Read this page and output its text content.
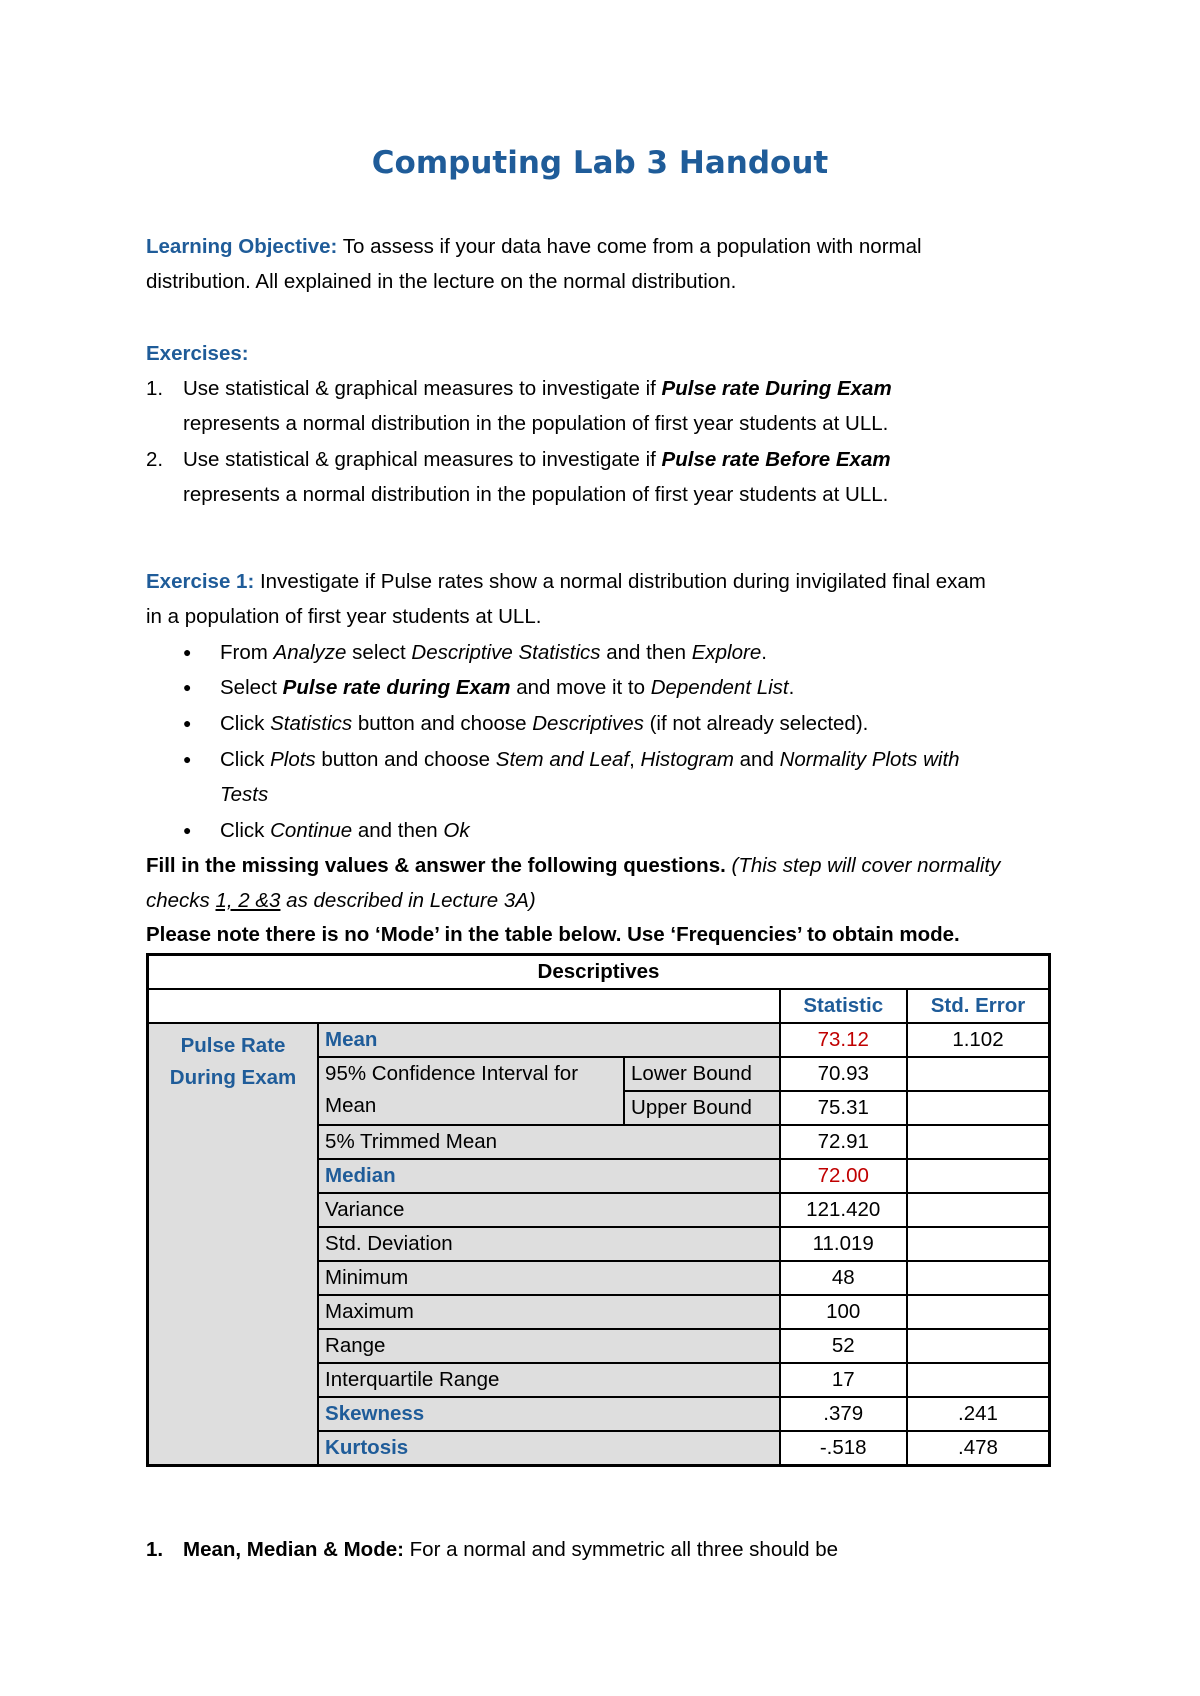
Computing Lab 3 Handout
Learning Objective: To assess if your data have come from a population with normal
distribution. All explained in the lecture on the normal distribution.
Exercises:
1. Use statistical & graphical measures to investigate if Pulse rate During Exam
represents a normal distribution in the population of first year students at ULL.
2. Use statistical & graphical measures to investigate if Pulse rate Before Exam
represents a normal distribution in the population of first year students at ULL.
Exercise 1: Investigate if Pulse rates show a normal distribution during invigilated final exam
in a population of first year students at ULL.
● From Analyze select Descriptive Statistics and then Explore.
● Select Pulse rate during Exam and move it to Dependent List.
● Click Statistics button and choose Descriptives (if not already selected).
● Click Plots button and choose Stem and Leaf, Histogram and Normality Plots with
Tests
● Click Continue and then Ok
Fill in the missing values & answer the following questions. (This step will cover normality
checks 1, 2 &3 as described in Lecture 3A)
Please note there is no ‘Mode’ in the table below. Use ‘Frequencies’ to obtain mode.
Descriptives				
			Statistic	Std. Error
Pulse Rate During Exam	Mean		73.12	1.102
	95% Confidence Interval for Mean	Lower Bound	70.93	
		Upper Bound	75.31	
	5% Trimmed Mean		72.91	
	Median		72.00	
	Variance		121.420	
	Std. Deviation		11.019	
	Minimum		48	
	Maximum		100	
	Range		52	
	Interquartile Range		17	
	Skewness		.379	.241
	Kurtosis		-.518	.478
1. Mean, Median & Mode: For a normal and symmetric all three should be
